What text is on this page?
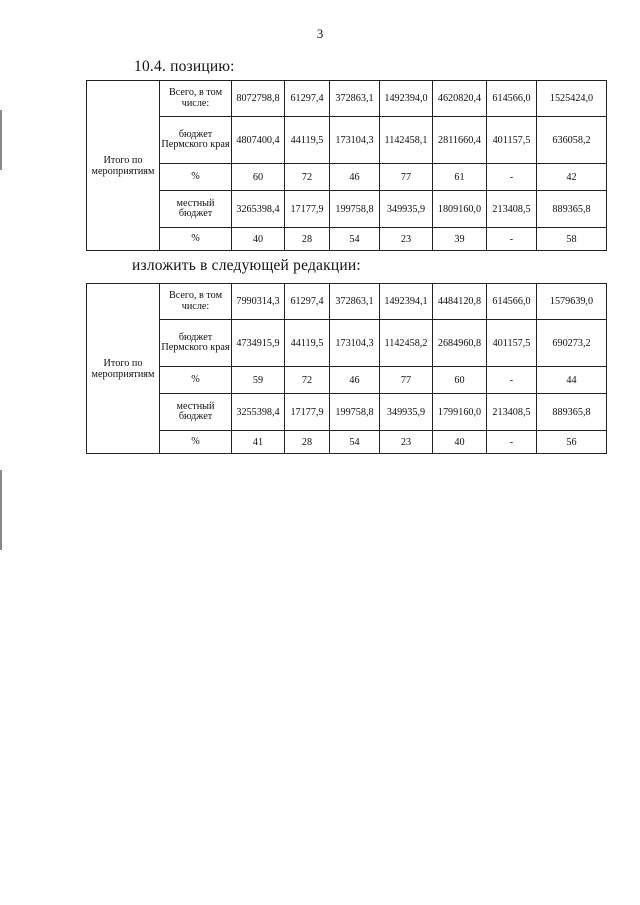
3
10.4. позицию:
Итого по мероприятиям	Всего, в том числе:	8072798,8	61297,4	372863,1	1492394,0	4620820,4	614566,0	1525424,0
	бюджет Пермского края	4807400,4	44119,5	173104,3	1142458,1	2811660,4	401157,5	636058,2
	%	60	72	46	77	61	-	42
	местный бюджет	3265398,4	17177,9	199758,8	349935,9	1809160,0	213408,5	889365,8
	%	40	28	54	23	39	-	58
изложить в следующей редакции:
Итого по мероприятиям	Всего, в том числе:	7990314,3	61297,4	372863,1	1492394,1	4484120,8	614566,0	1579639,0
	бюджет Пермского края	4734915,9	44119,5	173104,3	1142458,2	2684960,8	401157,5	690273,2
	%	59	72	46	77	60	-	44
	местный бюджет	3255398,4	17177,9	199758,8	349935,9	1799160,0	213408,5	889365,8
	%	41	28	54	23	40	-	56
